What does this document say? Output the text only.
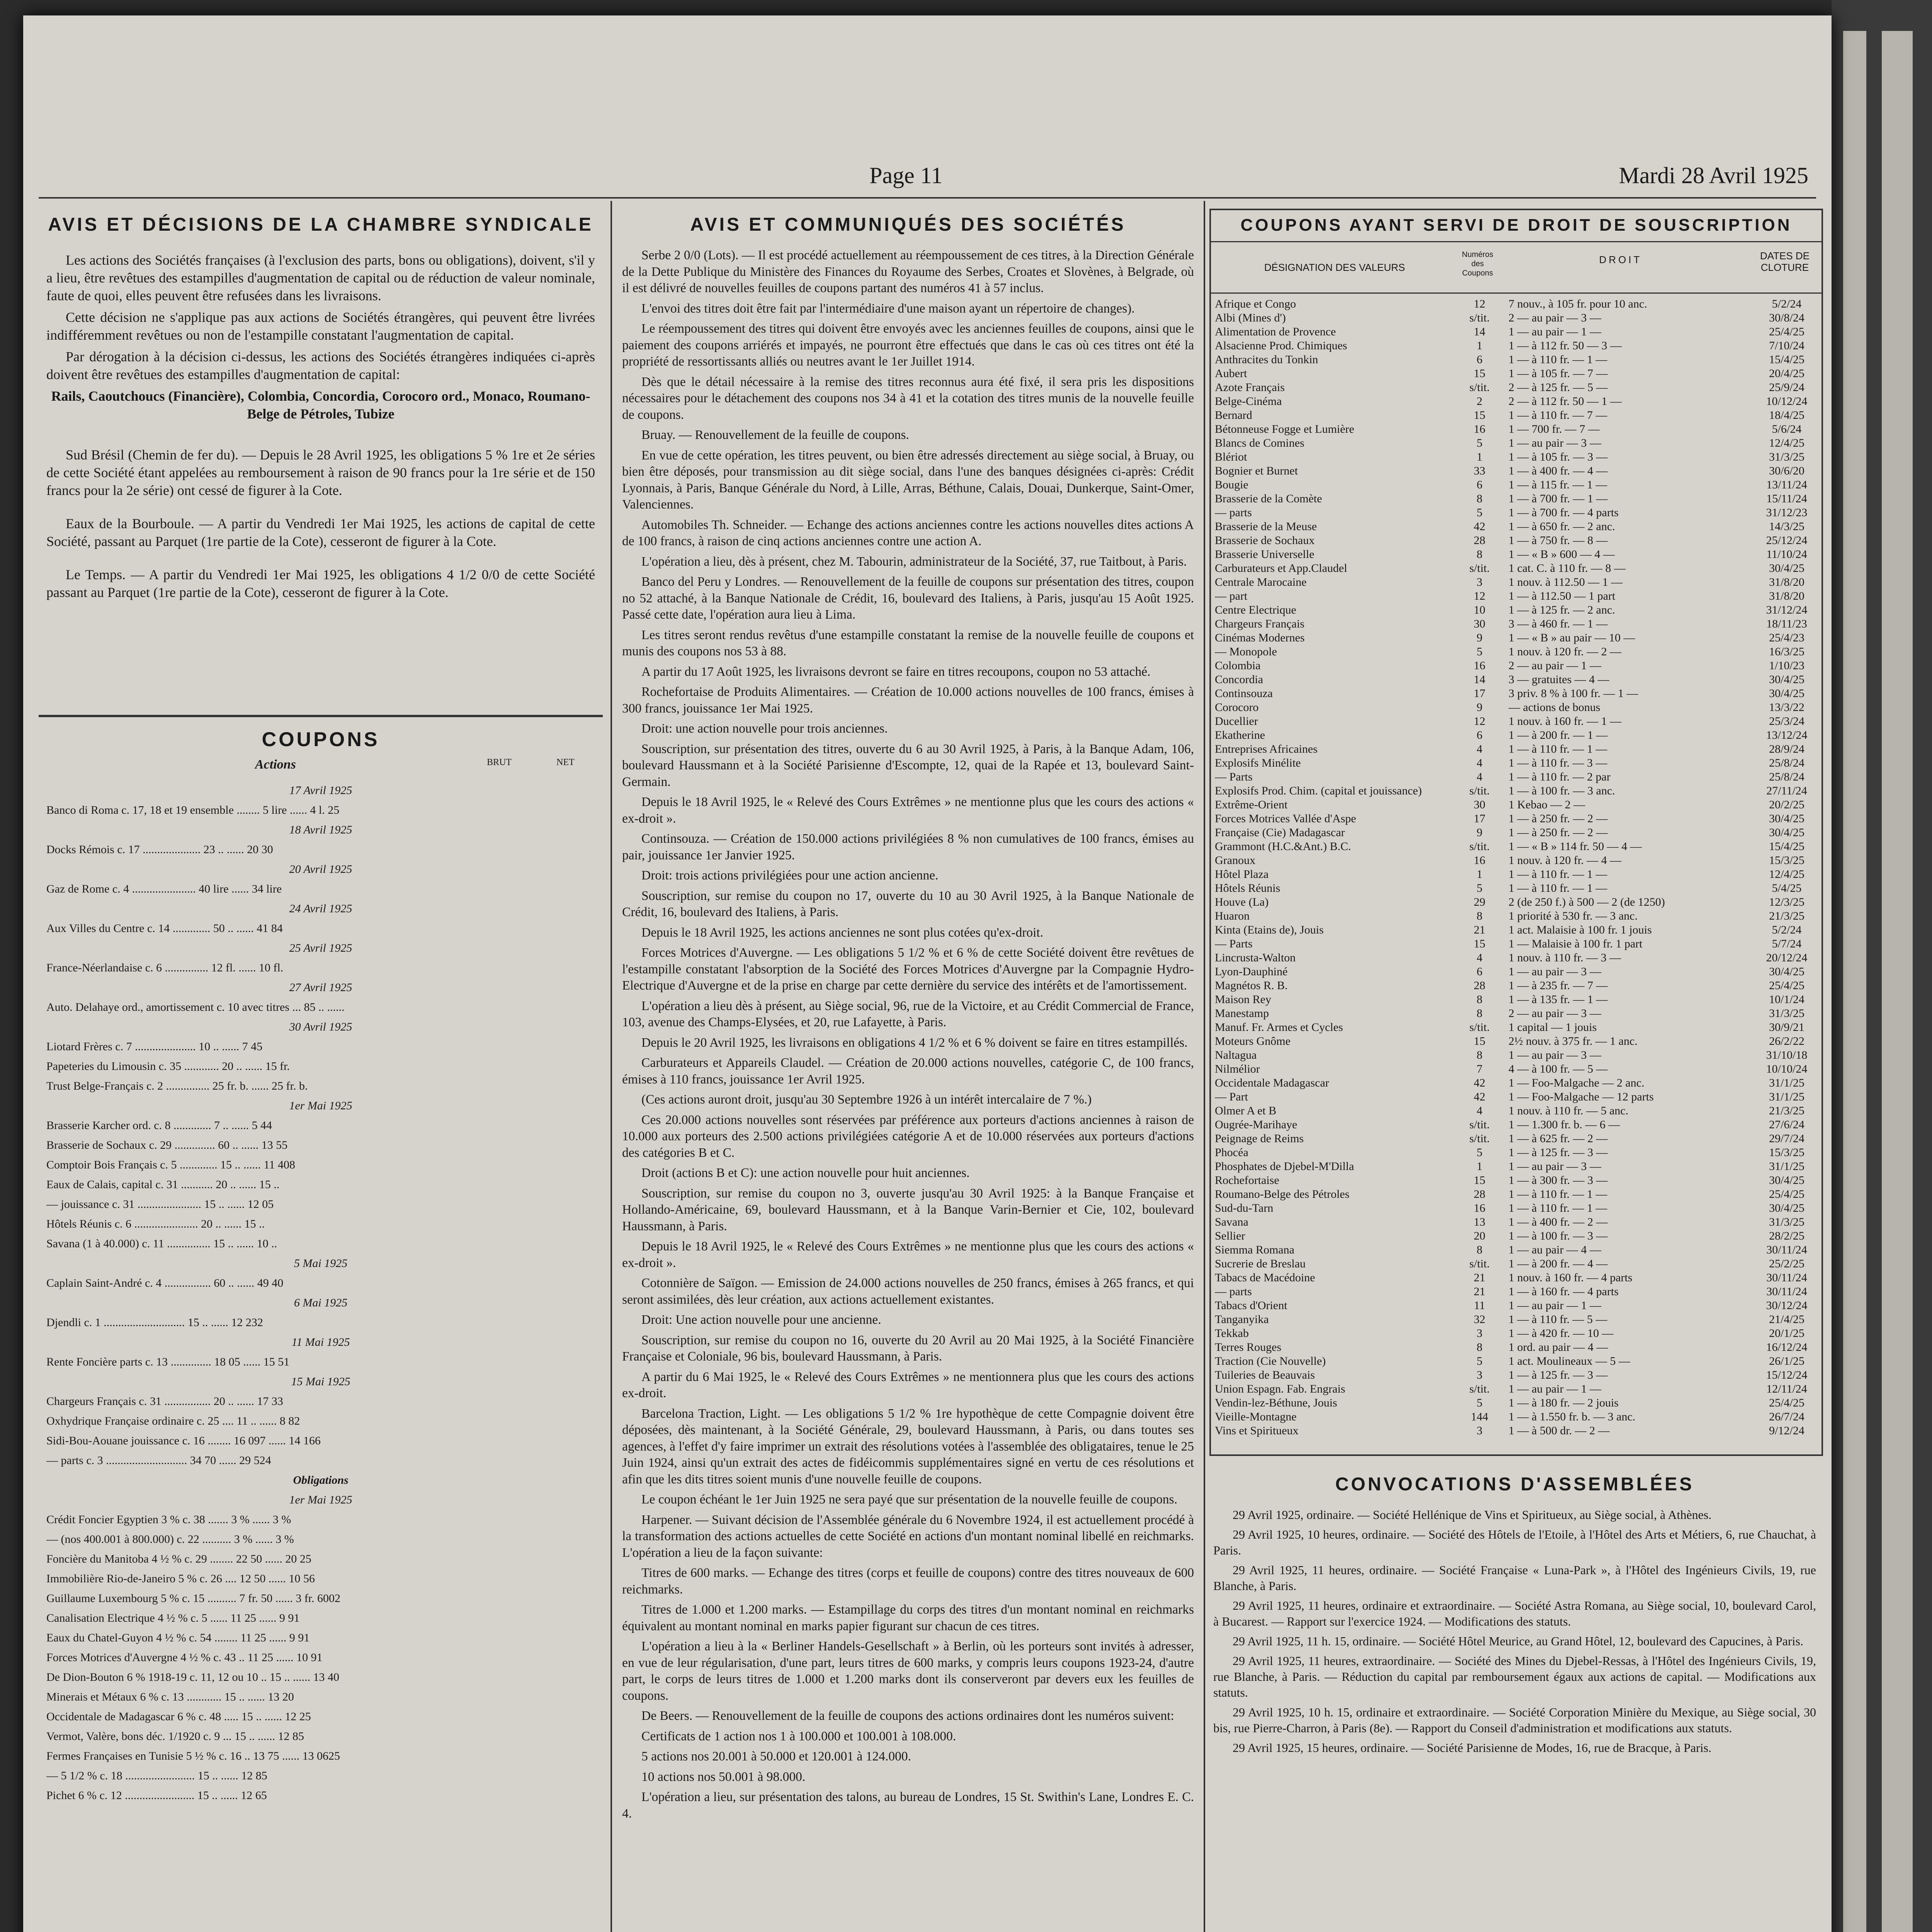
Page 11	Mardi 28 Avril 1925
AVIS ET DÉCISIONS DE LA CHAMBRE SYNDICALE

Les actions des Sociétés françaises (à l'exclusion des parts, bons ou obligations), doivent, s'il y a lieu, être revêtues des estampilles d'augmentation de capital ou de réduction de valeur nominale, faute de quoi, elles peuvent être refusées dans les livraisons.

Cette décision ne s'applique pas aux actions de Sociétés étrangères, qui peuvent être livrées indifféremment revêtues ou non de l'estampille constatant l'augmentation de capital.

Par dérogation à la décision ci-dessus, les actions des Sociétés étrangères indiquées ci-après doivent être revêtues des estampilles d'augmentation de capital:

Rails, Caoutchoucs (Financière), Colombia, Concordia, Corocoro ord., Monaco, Roumano-Belge de Pétroles, Tubize

Sud Brésil (Chemin de fer du). — Depuis le 28 Avril 1925, les obligations 5 % 1re et 2e séries de cette Société étant appelées au remboursement à raison de 90 francs pour la 1re série et de 150 francs pour la 2e série) ont cessé de figurer à la Cote.

Eaux de la Bourboule. — A partir du Vendredi 1er Mai 1925, les actions de capital de cette Société, passant au Parquet (1re partie de la Cote), cesseront de figurer à la Cote.

Le Temps. — A partir du Vendredi 1er Mai 1925, les obligations 4 1/2 0/0 de cette Société passant au Parquet (1re partie de la Cote), cesseront de figurer à la Cote.

COUPONS
Actions	BRUT	NET
17 Avril 1925
Banco di Roma c. 17, 18 et 19 ensemble ........ 5 lire ...... 4 l. 25
18 Avril 1925
Docks Rémois c. 17 .................... 23 .. ...... 20 30
20 Avril 1925
Gaz de Rome c. 4 ...................... 40 lire ...... 34 lire
24 Avril 1925
Aux Villes du Centre c. 14 ............. 50 .. ...... 41 84
25 Avril 1925
France-Néerlandaise c. 6 ............... 12 fl. ...... 10 fl.
27 Avril 1925
Auto. Delahaye ord., amortissement c. 10 avec titres ... 85 .. ......
30 Avril 1925
Liotard Frères c. 7 ..................... 10 .. ...... 7 45
Papeteries du Limousin c. 35 ............ 20 .. ...... 15 fr.
Trust Belge-Français c. 2 ............... 25 fr. b. ...... 25 fr. b.
1er Mai 1925
Brasserie Karcher ord. c. 8 ............. 7 .. ...... 5 44
Brasserie de Sochaux c. 29 .............. 60 .. ...... 13 55
Comptoir Bois Français c. 5 ............. 15 .. ...... 11 408
Eaux de Calais, capital c. 31 ........... 20 .. ...... 15 ..
— jouissance c. 31 ...................... 15 .. ...... 12 05
Hôtels Réunis c. 6 ...................... 20 .. ...... 15 ..
Savana (1 à 40.000) c. 11 ............... 15 .. ...... 10 ..
5 Mai 1925
Caplain Saint-André c. 4 ................ 60 .. ...... 49 40
6 Mai 1925
Djendli c. 1 ............................ 15 .. ...... 12 232
11 Mai 1925
Rente Foncière parts c. 13 .............. 18 05 ...... 15 51
15 Mai 1925
Chargeurs Français c. 31 ................ 20 .. ...... 17 33
Oxhydrique Française ordinaire c. 25 .... 11 .. ...... 8 82
Sidi-Bou-Aouane jouissance c. 16 ........ 16 097 ...... 14 166
— parts c. 3 ............................ 34 70 ...... 29 524
Obligations
1er Mai 1925
Crédit Foncier Egyptien 3 % c. 38 ....... 3 % ...... 3 %
— (nos 400.001 à 800.000) c. 22 .......... 3 % ...... 3 %
Foncière du Manitoba 4 ½ % c. 29 ........ 22 50 ...... 20 25
Immobilière Rio-de-Janeiro 5 % c. 26 .... 12 50 ...... 10 56
Guillaume Luxembourg 5 % c. 15 .......... 7 fr. 50 ...... 3 fr. 6002
Canalisation Electrique 4 ½ % c. 5 ...... 11 25 ...... 9 91
Eaux du Chatel-Guyon 4 ½ % c. 54 ........ 11 25 ...... 9 91
Forces Motrices d'Auvergne 4 ½ % c. 43 .. 11 25 ...... 10 91
De Dion-Bouton 6 % 1918-19 c. 11, 12 ou 10 .. 15 .. ...... 13 40
Minerais et Métaux 6 % c. 13 ............ 15 .. ...... 13 20
Occidentale de Madagascar 6 % c. 48 ..... 15 .. ...... 12 25
Vermot, Valère, bons déc. 1/1920 c. 9 ... 15 .. ...... 12 85
Fermes Françaises en Tunisie 5 ½ % c. 16 .. 13 75 ...... 13 0625
— 5 1/2 % c. 18 ........................ 15 .. ...... 12 85
Pichet 6 % c. 12 ........................ 15 .. ...... 12 65
AVIS ET COMMUNIQUÉS DES SOCIÉTÉS

Serbe 2 0/0 (Lots). — Il est procédé actuellement au réempoussement de ces titres, à la Direction Générale de la Dette Publique du Ministère des Finances du Royaume des Serbes, Croates et Slovènes, à Belgrade, où il est délivré de nouvelles feuilles de coupons partant des numéros 41 à 57 inclus.

L'envoi des titres doit être fait par l'intermédiaire d'une maison ayant un répertoire de changes).

Le réempoussement des titres qui doivent être envoyés avec les anciennes feuilles de coupons, ainsi que le paiement des coupons arriérés et impayés, ne pourront être effectués que dans le cas où ces titres ont été la propriété de ressortissants alliés ou neutres avant le 1er Juillet 1914.

Dès que le détail nécessaire à la remise des titres reconnus aura été fixé, il sera pris les dispositions nécessaires pour le détachement des coupons nos 34 à 41 et la cotation des titres munis de la nouvelle feuille de coupons.

Bruay. — Renouvellement de la feuille de coupons.

En vue de cette opération, les titres peuvent, ou bien être adressés directement au siège social, à Bruay, ou bien être déposés, pour transmission au dit siège social, dans l'une des banques désignées ci-après: Crédit Lyonnais, à Paris, Banque Générale du Nord, à Lille, Arras, Béthune, Calais, Douai, Dunkerque, Saint-Omer, Valenciennes.

Automobiles Th. Schneider. — Echange des actions anciennes contre les actions nouvelles dites actions A de 100 francs, à raison de cinq actions anciennes contre une action A.

L'opération a lieu, dès à présent, chez M. Tabourin, administrateur de la Société, 37, rue Taitbout, à Paris.

Banco del Peru y Londres. — Renouvellement de la feuille de coupons sur présentation des titres, coupon no 52 attaché, à la Banque Nationale de Crédit, 16, boulevard des Italiens, à Paris, jusqu'au 15 Août 1925. Passé cette date, l'opération aura lieu à Lima.

Les titres seront rendus revêtus d'une estampille constatant la remise de la nouvelle feuille de coupons et munis des coupons nos 53 à 88.

A partir du 17 Août 1925, les livraisons devront se faire en titres recoupons, coupon no 53 attaché.

Rochefortaise de Produits Alimentaires. — Création de 10.000 actions nouvelles de 100 francs, émises à 300 francs, jouissance 1er Mai 1925.

Droit: une action nouvelle pour trois anciennes.

Souscription, sur présentation des titres, ouverte du 6 au 30 Avril 1925, à Paris, à la Banque Adam, 106, boulevard Haussmann et à la Société Parisienne d'Escompte, 12, quai de la Rapée et 13, boulevard Saint-Germain.

Depuis le 18 Avril 1925, le « Relevé des Cours Extrêmes » ne mentionne plus que les cours des actions « ex-droit ».

Continsouza. — Création de 150.000 actions privilégiées 8 % non cumulatives de 100 francs, émises au pair, jouissance 1er Janvier 1925.

Droit: trois actions privilégiées pour une action ancienne.

Souscription, sur remise du coupon no 17, ouverte du 10 au 30 Avril 1925, à la Banque Nationale de Crédit, 16, boulevard des Italiens, à Paris.

Depuis le 18 Avril 1925, les actions anciennes ne sont plus cotées qu'ex-droit.

Forces Motrices d'Auvergne. — Les obligations 5 1/2 % et 6 % de cette Société doivent être revêtues de l'estampille constatant l'absorption de la Société des Forces Motrices d'Auvergne par la Compagnie Hydro-Electrique d'Auvergne et de la prise en charge par cette dernière du service des intérêts et de l'amortissement.

L'opération a lieu dès à présent, au Siège social, 96, rue de la Victoire, et au Crédit Commercial de France, 103, avenue des Champs-Elysées, et 20, rue Lafayette, à Paris.

Depuis le 20 Avril 1925, les livraisons en obligations 4 1/2 % et 6 % doivent se faire en titres estampillés.

Carburateurs et Appareils Claudel. — Création de 20.000 actions nouvelles, catégorie C, de 100 francs, émises à 110 francs, jouissance 1er Avril 1925.

(Ces actions auront droit, jusqu'au 30 Septembre 1926 à un intérêt intercalaire de 7 %.)

Ces 20.000 actions nouvelles sont réservées par préférence aux porteurs d'actions anciennes à raison de 10.000 aux porteurs des 2.500 actions privilégiées catégorie A et de 10.000 réservées aux porteurs d'actions des catégories B et C.

Droit (actions B et C): une action nouvelle pour huit anciennes.

Souscription, sur remise du coupon no 3, ouverte jusqu'au 30 Avril 1925: à la Banque Française et Hollando-Américaine, 69, boulevard Haussmann, et à la Banque Varin-Bernier et Cie, 102, boulevard Haussmann, à Paris.

Depuis le 18 Avril 1925, le « Relevé des Cours Extrêmes » ne mentionne plus que les cours des actions « ex-droit ».

Cotonnière de Saïgon. — Emission de 24.000 actions nouvelles de 250 francs, émises à 265 francs, et qui seront assimilées, dès leur création, aux actions actuellement existantes.

Droit: Une action nouvelle pour une ancienne.

Souscription, sur remise du coupon no 16, ouverte du 20 Avril au 20 Mai 1925, à la Société Financière Française et Coloniale, 96 bis, boulevard Haussmann, à Paris.

A partir du 6 Mai 1925, le « Relevé des Cours Extrêmes » ne mentionnera plus que les cours des actions ex-droit.

Barcelona Traction, Light. — Les obligations 5 1/2 % 1re hypothèque de cette Compagnie doivent être déposées, dès maintenant, à la Société Générale, 29, boulevard Haussmann, à Paris, ou dans toutes ses agences, à l'effet d'y faire imprimer un extrait des résolutions votées à l'assemblée des obligataires, tenue le 25 Juin 1924, ainsi qu'un extrait des actes de fidéicommis supplémentaires signé en vertu de ces résolutions et afin que les dits titres soient munis d'une nouvelle feuille de coupons.

Le coupon échéant le 1er Juin 1925 ne sera payé que sur présentation de la nouvelle feuille de coupons.

Harpener. — Suivant décision de l'Assemblée générale du 6 Novembre 1924, il est actuellement procédé à la transformation des actions actuelles de cette Société en actions d'un montant nominal libellé en reichmarks. L'opération a lieu de la façon suivante:

Titres de 600 marks. — Echange des titres (corps et feuille de coupons) contre des titres nouveaux de 600 reichmarks.

Titres de 1.000 et 1.200 marks. — Estampillage du corps des titres d'un montant nominal en reichmarks équivalent au montant nominal en marks papier figurant sur chacun de ces titres.

L'opération a lieu à la « Berliner Handels-Gesellschaft » à Berlin, où les porteurs sont invités à adresser, en vue de leur régularisation, d'une part, leurs titres de 600 marks, y compris leurs coupons 1923-24, d'autre part, le corps de leurs titres de 1.000 et 1.200 marks dont ils conserveront par devers eux les feuilles de coupons.

De Beers. — Renouvellement de la feuille de coupons des actions ordinaires dont les numéros suivent:

Certificats de 1 action nos 1 à 100.000 et 100.001 à 108.000.

5 actions nos 20.001 à 50.000 et 120.001 à 124.000.

10 actions nos 50.001 à 98.000.

L'opération a lieu, sur présentation des talons, au bureau de Londres, 15 St. Swithin's Lane, Londres E. C. 4.

COUPONS AYANT SERVI DE DROIT DE SOUSCRIPTION
DÉSIGNATION DES VALEURS
Numéros des Coupons
DROIT	DATES DE CLOTURE
Afrique et Congo	12	7 nouv., à 105 fr. pour 10 anc.	5/2/24
Albi (Mines d')	s/tit.	2 — au pair — 3 —	30/8/24
Alimentation de Provence	14	1 — au pair — 1 —	25/4/25
Alsacienne Prod. Chimiques	1	1 — à 112 fr. 50 — 3 —	7/10/24
Anthracites du Tonkin	6	1 — à 110 fr. — 1 —	15/4/25
Aubert	15	1 — à 105 fr. — 7 —	20/4/25
Azote Français	s/tit.	2 — à 125 fr. — 5 —	25/9/24
Belge-Cinéma	2	2 — à 112 fr. 50 — 1 —	10/12/24
Bernard	15	1 — à 110 fr. — 7 —	18/4/25
Bétonneuse Fogge et Lumière	16	1 — 700 fr. — 7 —	5/6/24
Blancs de Comines	5	1 — au pair — 3 —	12/4/25
Blériot	1	1 — à 105 fr. — 3 —	31/3/25
Bognier et Burnet	33	1 — à 400 fr. — 4 —	30/6/20
Bougie	6	1 — à 115 fr. — 1 —	13/11/24
Brasserie de la Comète	8	1 — à 700 fr. — 1 —	15/11/24
— parts	5	1 — à 700 fr. — 4 parts	31/12/23
Brasserie de la Meuse	42	1 — à 650 fr. — 2 anc.	14/3/25
Brasserie de Sochaux	28	1 — à 750 fr. — 8 —	25/12/24
Brasserie Universelle	8	1 — « B » 600 — 4 —	11/10/24
Carburateurs et App.Claudel	s/tit.	1 cat. C. à 110 fr. — 8 —	30/4/25
Centrale Marocaine	3	1 nouv. à 112.50 — 1 —	31/8/20
— part	12	1 — à 112.50 — 1 part	31/8/20
Centre Electrique	10	1 — à 125 fr. — 2 anc.	31/12/24
Chargeurs Français	30	3 — à 460 fr. — 1 —	18/11/23
Cinémas Modernes	9	1 — « B » au pair — 10 —	25/4/23
— Monopole	5	1 nouv. à 120 fr. — 2 —	16/3/25
Colombia	16	2 — au pair — 1 —	1/10/23
Concordia	14	3 — gratuites — 4 —	30/4/25
Continsouza	17	3 priv. 8 % à 100 fr. — 1 —	30/4/25
Corocoro	9	— actions de bonus	13/3/22
Ducellier	12	1 nouv. à 160 fr. — 1 —	25/3/24
Ekatherine	6	1 — à 200 fr. — 1 —	13/12/24
Entreprises Africaines	4	1 — à 110 fr. — 1 —	28/9/24
Explosifs Minélite	4	1 — à 110 fr. — 3 —	25/8/24
— Parts	4	1 — à 110 fr. — 2 par	25/8/24
Explosifs Prod. Chim. (capital et jouissance)	s/tit.	1 — à 100 fr. — 3 anc.	27/11/24
Extrême-Orient	30	1 Kebao — 2 —	20/2/25
Forces Motrices Vallée d'Aspe	17	1 — à 250 fr. — 2 —	30/4/25
Française (Cie) Madagascar	9	1 — à 250 fr. — 2 —	30/4/25
Grammont (H.C.&Ant.) B.C.	s/tit.	1 — « B » 114 fr. 50 — 4 —	15/4/25
Granoux	16	1 nouv. à 120 fr. — 4 —	15/3/25
Hôtel Plaza	1	1 — à 110 fr. — 1 —	12/4/25
Hôtels Réunis	5	1 — à 110 fr. — 1 —	5/4/25
Houve (La)	29	2 (de 250 f.) à 500 — 2 (de 1250)	12/3/25
Huaron	8	1 priorité à 530 fr. — 3 anc.	21/3/25
Kinta (Etains de), Jouis	21	1 act. Malaisie à 100 fr. 1 jouis	5/2/24
— Parts	15	1 — Malaisie à 100 fr. 1 part	5/7/24
Lincrusta-Walton	4	1 nouv. à 110 fr. — 3 —	20/12/24
Lyon-Dauphiné	6	1 — au pair — 3 —	30/4/25
Magnétos R. B.	28	1 — à 235 fr. — 7 —	25/4/25
Maison Rey	8	1 — à 135 fr. — 1 —	10/1/24
Manestamp	8	2 — au pair — 3 —	31/3/25
Manuf. Fr. Armes et Cycles	s/tit.	1 capital — 1 jouis	30/9/21
Moteurs Gnôme	15	2½ nouv. à 375 fr. — 1 anc.	26/2/22
Naltagua	8	1 — au pair — 3 —	31/10/18
Nilmélior	7	4 — à 100 fr. — 5 —	10/10/24
Occidentale Madagascar	42	1 — Foo-Malgache — 2 anc.	31/1/25
— Part	42	1 — Foo-Malgache — 12 parts	31/1/25
Olmer A et B	4	1 nouv. à 110 fr. — 5 anc.	21/3/25
Ougrée-Marihaye	s/tit.	1 — 1.300 fr. b. — 6 —	27/6/24
Peignage de Reims	s/tit.	1 — à 625 fr. — 2 —	29/7/24
Phocéa	5	1 — à 125 fr. — 3 —	15/3/25
Phosphates de Djebel-M'Dilla	1	1 — au pair — 3 —	31/1/25
Rochefortaise	15	1 — à 300 fr. — 3 —	30/4/25
Roumano-Belge des Pétroles	28	1 — à 110 fr. — 1 —	25/4/25
Sud-du-Tarn	16	1 — à 110 fr. — 1 —	30/4/25
Savana	13	1 — à 400 fr. — 2 —	31/3/25
Sellier	20	1 — à 100 fr. — 3 —	28/2/25
Siemma Romana	8	1 — au pair — 4 —	30/11/24
Sucrerie de Breslau	s/tit.	1 — à 200 fr. — 4 —	25/2/25
Tabacs de Macédoine	21	1 nouv. à 160 fr. — 4 parts	30/11/24
— parts	21	1 — à 160 fr. — 4 parts	30/11/24
Tabacs d'Orient	11	1 — au pair — 1 —	30/12/24
Tanganyika	32	1 — à 110 fr. — 5 —	21/4/25
Tekkab	3	1 — à 420 fr. — 10 —	20/1/25
Terres Rouges	8	1 ord. au pair — 4 —	16/12/24
Traction (Cie Nouvelle)	5	1 act. Moulineaux — 5 —	26/1/25
Tuileries de Beauvais	3	1 — à 125 fr. — 3 —	15/12/24
Union Espagn. Fab. Engrais	s/tit.	1 — au pair — 1 —	12/11/24
Vendin-lez-Béthune, Jouis	5	1 — à 180 fr. — 2 jouis	25/4/25
Vieille-Montagne	144	1 — à 1.550 fr. b. — 3 anc.	26/7/24
Vins et Spiritueux	3	1 — à 500 dr. — 2 —	9/12/24
CONVOCATIONS D'ASSEMBLÉES

29 Avril 1925, ordinaire. — Société Hellénique de Vins et Spiritueux, au Siège social, à Athènes.

29 Avril 1925, 10 heures, ordinaire. — Société des Hôtels de l'Etoile, à l'Hôtel des Arts et Métiers, 6, rue Chauchat, à Paris.

29 Avril 1925, 11 heures, ordinaire. — Société Française « Luna-Park », à l'Hôtel des Ingénieurs Civils, 19, rue Blanche, à Paris.

29 Avril 1925, 11 heures, ordinaire et extraordinaire. — Société Astra Romana, au Siège social, 10, boulevard Carol, à Bucarest. — Rapport sur l'exercice 1924. — Modifications des statuts.

29 Avril 1925, 11 h. 15, ordinaire. — Société Hôtel Meurice, au Grand Hôtel, 12, boulevard des Capucines, à Paris.

29 Avril 1925, 11 heures, extraordinaire. — Société des Mines du Djebel-Ressas, à l'Hôtel des Ingénieurs Civils, 19, rue Blanche, à Paris. — Réduction du capital par remboursement égaux aux actions de capital. — Modifications aux statuts.

29 Avril 1925, 10 h. 15, ordinaire et extraordinaire. — Société Corporation Minière du Mexique, au Siège social, 30 bis, rue Pierre-Charron, à Paris (8e). — Rapport du Conseil d'administration et modifications aux statuts.

29 Avril 1925, 15 heures, ordinaire. — Société Parisienne de Modes, 16, rue de Bracque, à Paris.
